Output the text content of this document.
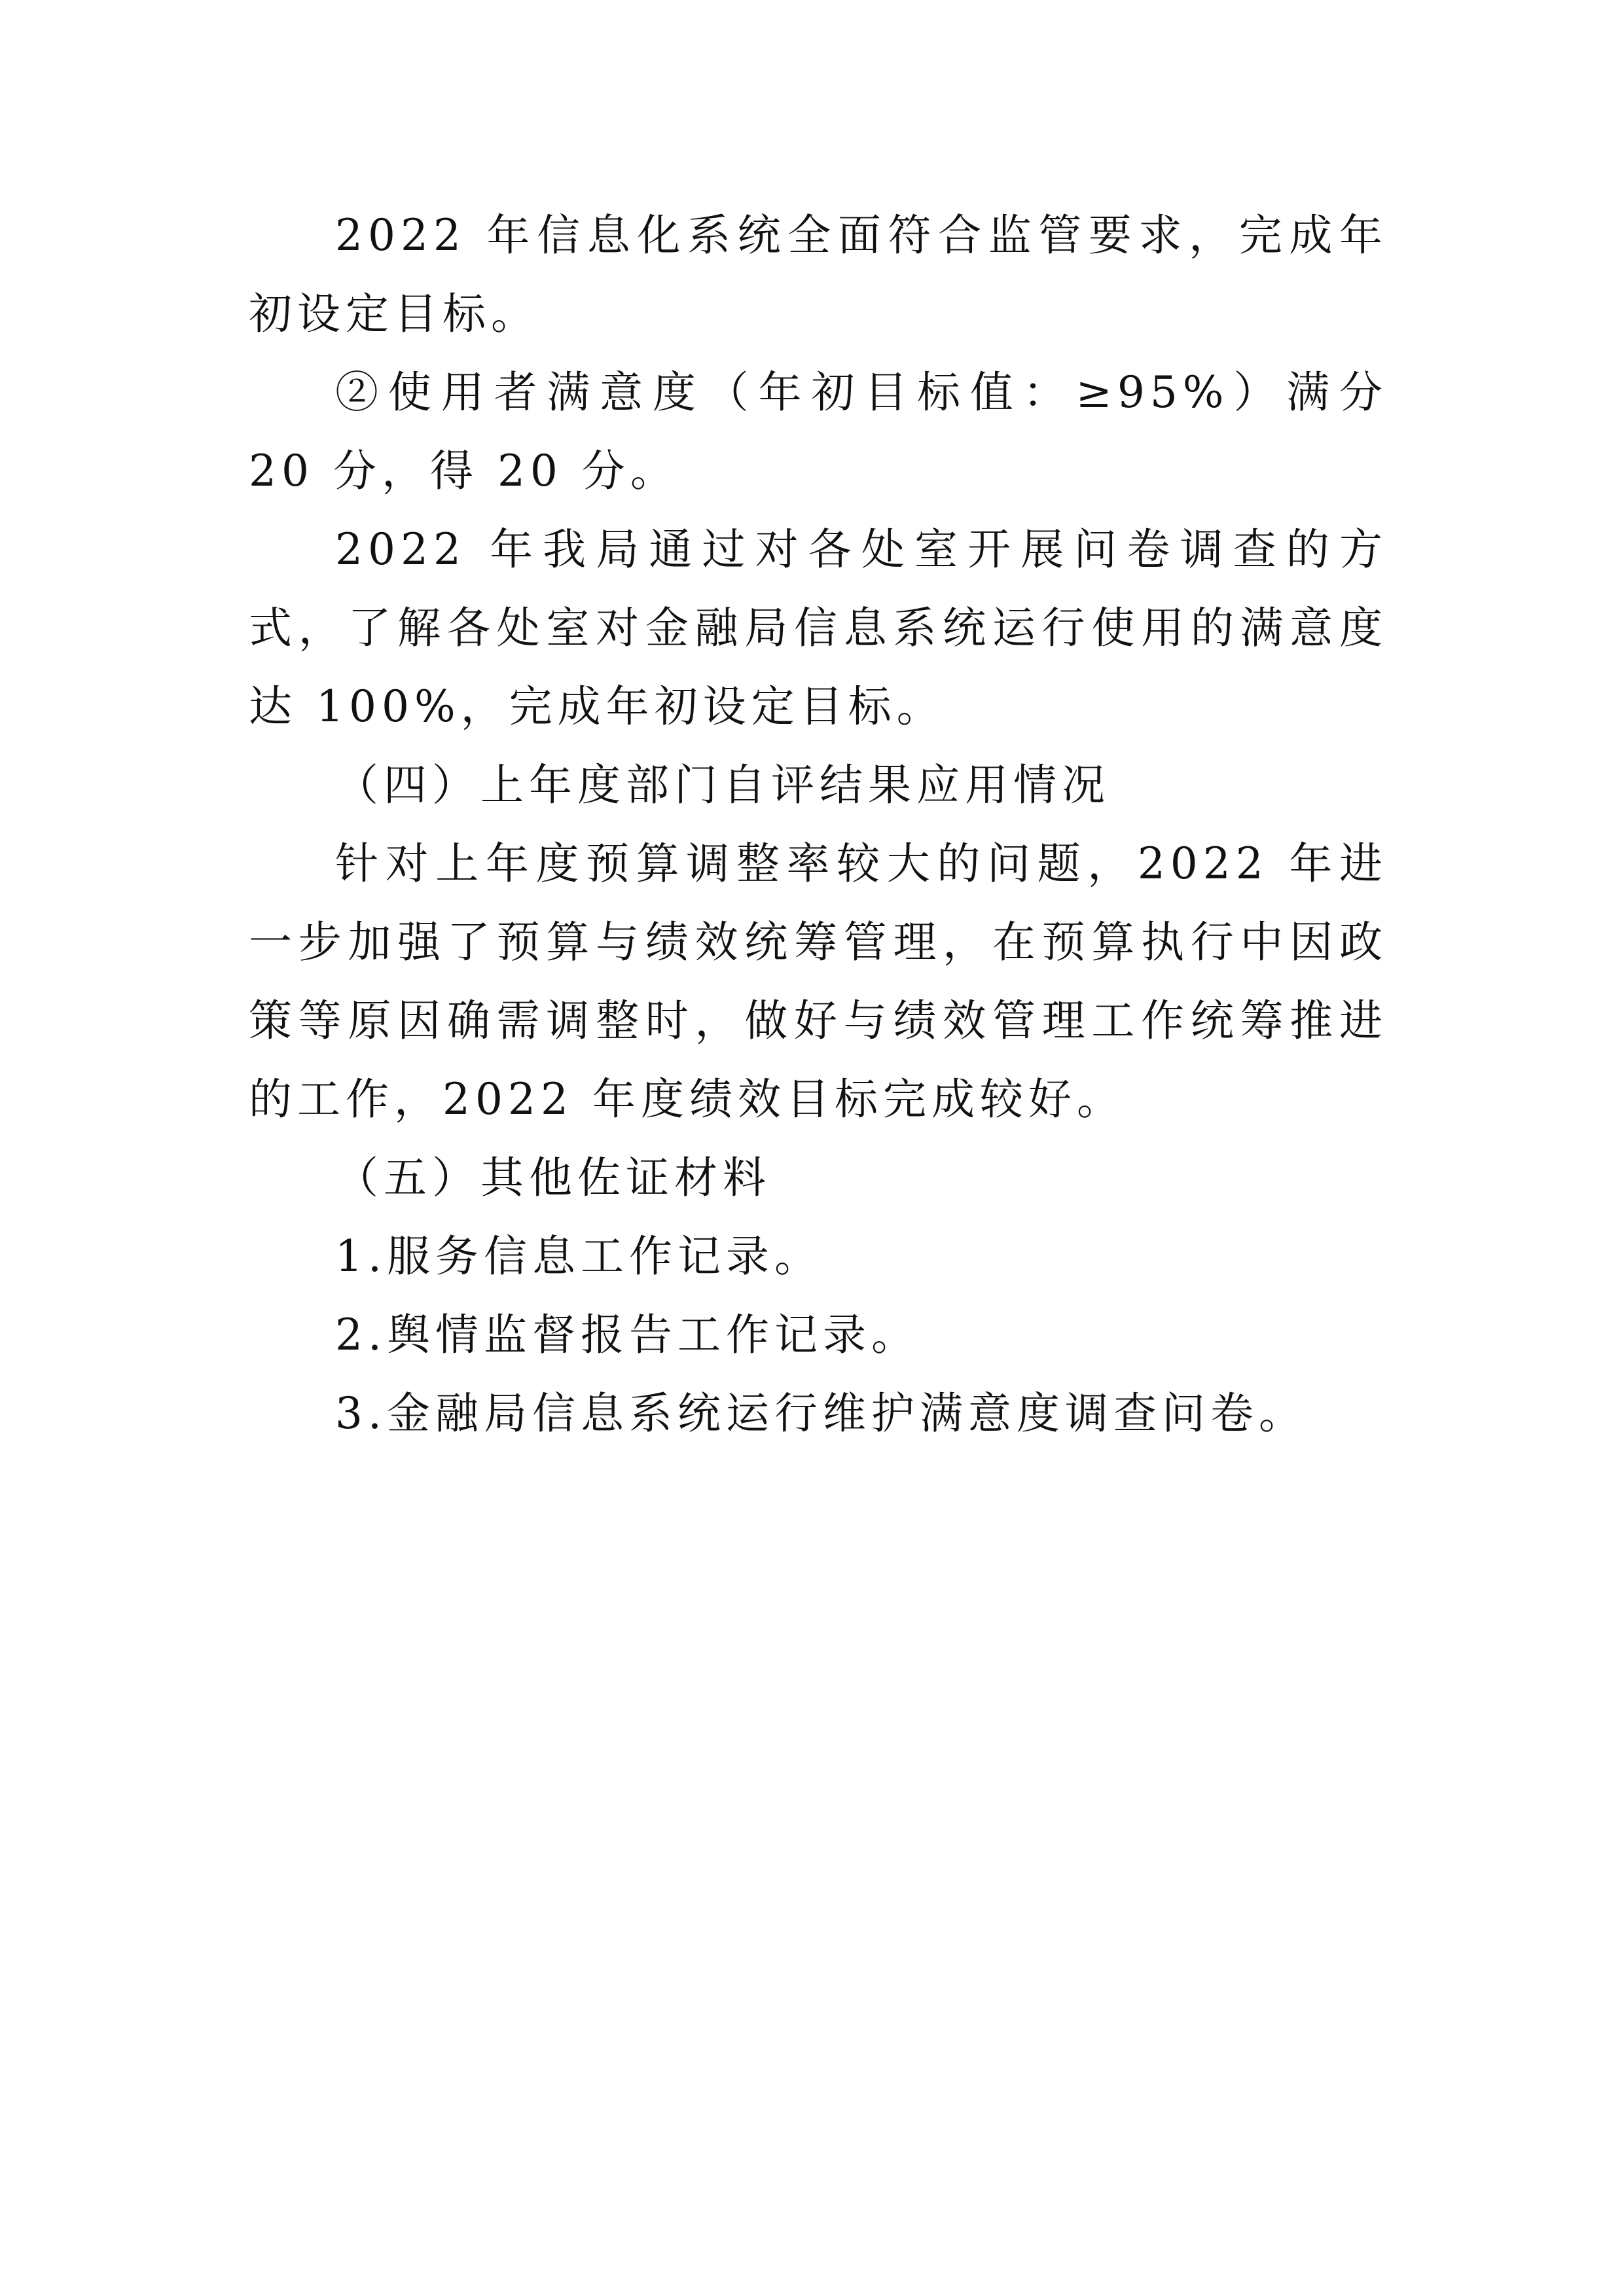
2022 年信息化系统全面符合监管要求，完成年初设定目标。

②使用者满意度（年初目标值：≥95%）满分 20 分，得 20 分。

2022 年我局通过对各处室开展问卷调查的方式，了解各处室对金融局信息系统运行使用的满意度达 100%，完成年初设定目标。

（四）上年度部门自评结果应用情况

针对上年度预算调整率较大的问题，2022 年进一步加强了预算与绩效统筹管理，在预算执行中因政策等原因确需调整时，做好与绩效管理工作统筹推进的工作，2022 年度绩效目标完成较好。

（五）其他佐证材料

1.服务信息工作记录。

2.舆情监督报告工作记录。

3.金融局信息系统运行维护满意度调查问卷。
